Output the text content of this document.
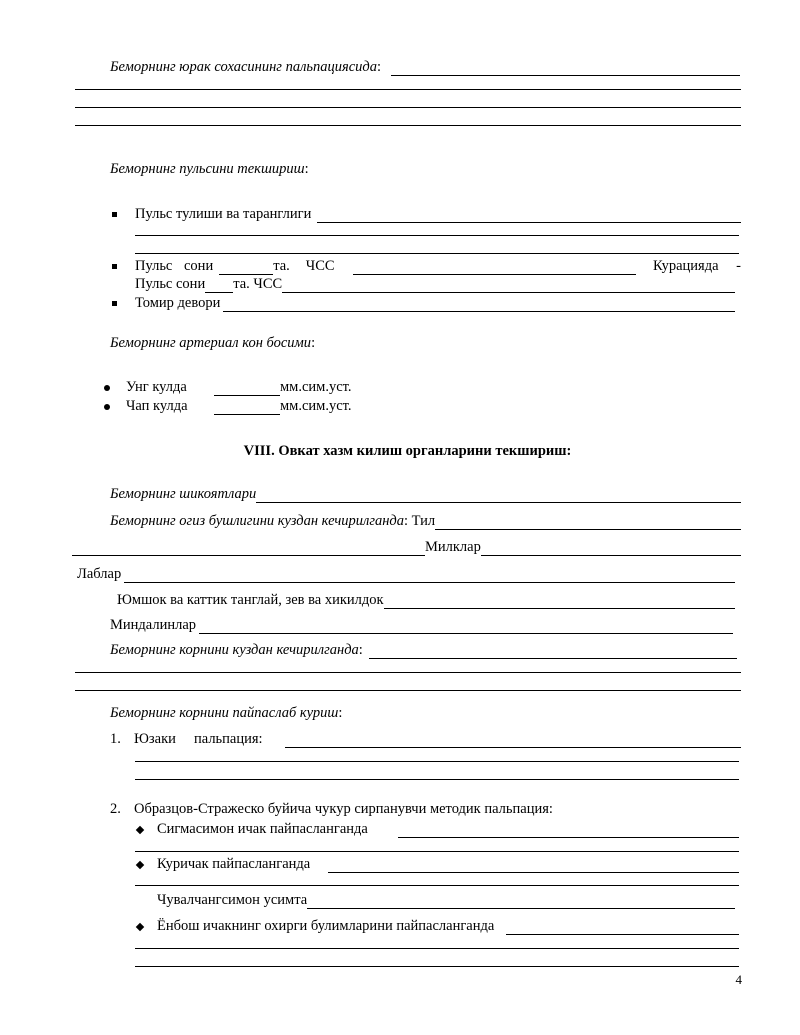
Беморнинг юрак сохасининг пальпациясида :
Беморнинг пульсини текшириш :
Пульс тулиши ва таранглиги
Пульс сони	та. ЧСС	Курацияда -
Пульс сони та. ЧСС
Томир девори
Беморнинг артериал кон босими :
Унг кулда	мм.сим.уст.
Чап кулда	мм.сим.уст.
VIII. Овкат хазм килиш органларини текшириш:
Беморнинг шикоятлари
Беморнинг огиз бушлигини куздан кечирилганда : Тил
Милклар
Лаблар
Юмшок ва каттик танглай, зев ва хикилдок
Миндалинлар
Беморнинг корнини куздан кечирилганда :
Беморнинг корнини пайпаслаб куриш :
1. Юзаки     пальпация:
2. Образцов-Стражеско буйича чукур сирпанувчи методик пальпация:
Сигмасимон ичак пайпасланганда
Куричак пайпасланганда
Чувалчангсимон усимта
Ёнбош ичакнинг охирги булимларини пайпасланганда
4
